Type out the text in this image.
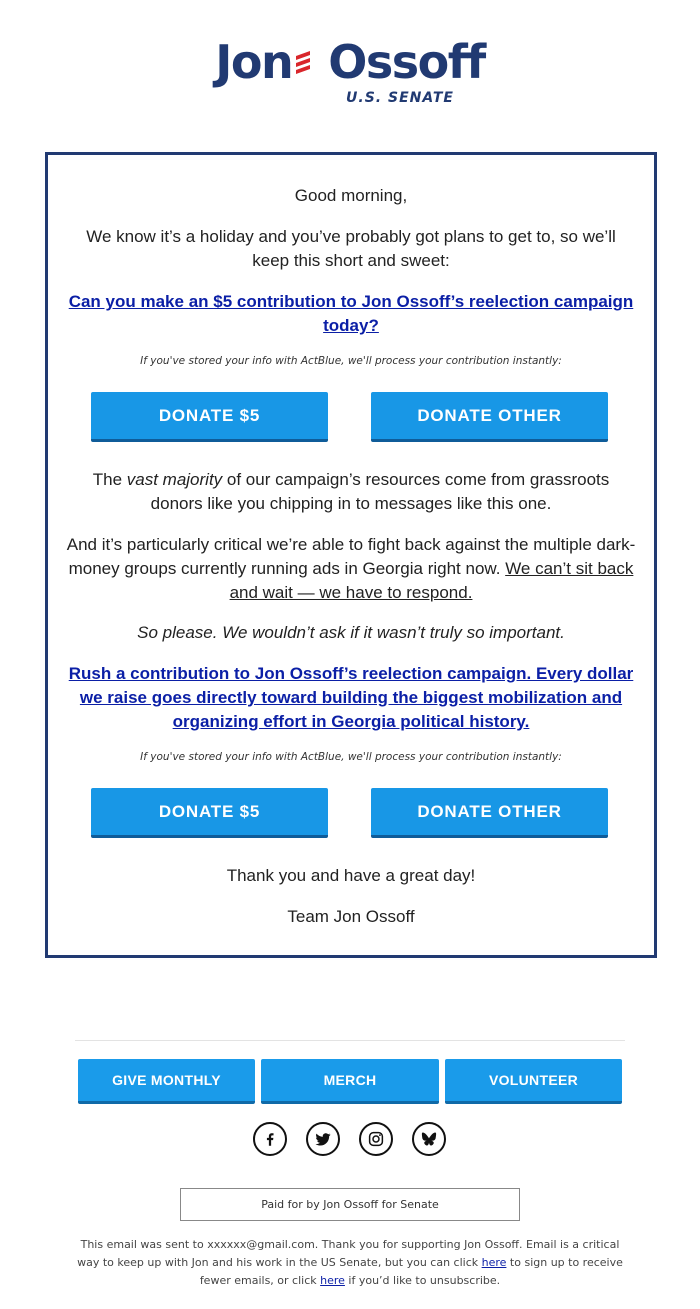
Jon Ossoff
U.S. SENATE

Good morning,

We know it’s a holiday and you’ve probably got plans to get to, so we’ll keep this short and sweet:

Can you make an $5 contribution to Jon Ossoff’s reelection campaign today?

If you've stored your info with ActBlue, we'll process your contribution instantly:
DONATE $5	DONATE OTHER

The vast majority of our campaign’s resources come from grassroots donors like you chipping in to messages like this one.

And it’s particularly critical we’re able to fight back against the multiple dark-money groups currently running ads in Georgia right now. We can’t sit back and wait — we have to respond.

So please. We wouldn’t ask if it wasn’t truly so important.

Rush a contribution to Jon Ossoff’s reelection campaign. Every dollar we raise goes directly toward building the biggest mobilization and organizing effort in Georgia political history.

If you've stored your info with ActBlue, we'll process your contribution instantly:
DONATE $5	DONATE OTHER

Thank you and have a great day!

Team Jon Ossoff

GIVE MONTHLY	MERCH	VOLUNTEER
Paid for by Jon Ossoff for Senate
This email was sent to xxxxxx@gmail.com. Thank you for supporting Jon Ossoff. Email is a critical way to keep up with Jon and his work in the US Senate, but you can click here to sign up to receive fewer emails, or click here if you’d like to unsubscribe.
